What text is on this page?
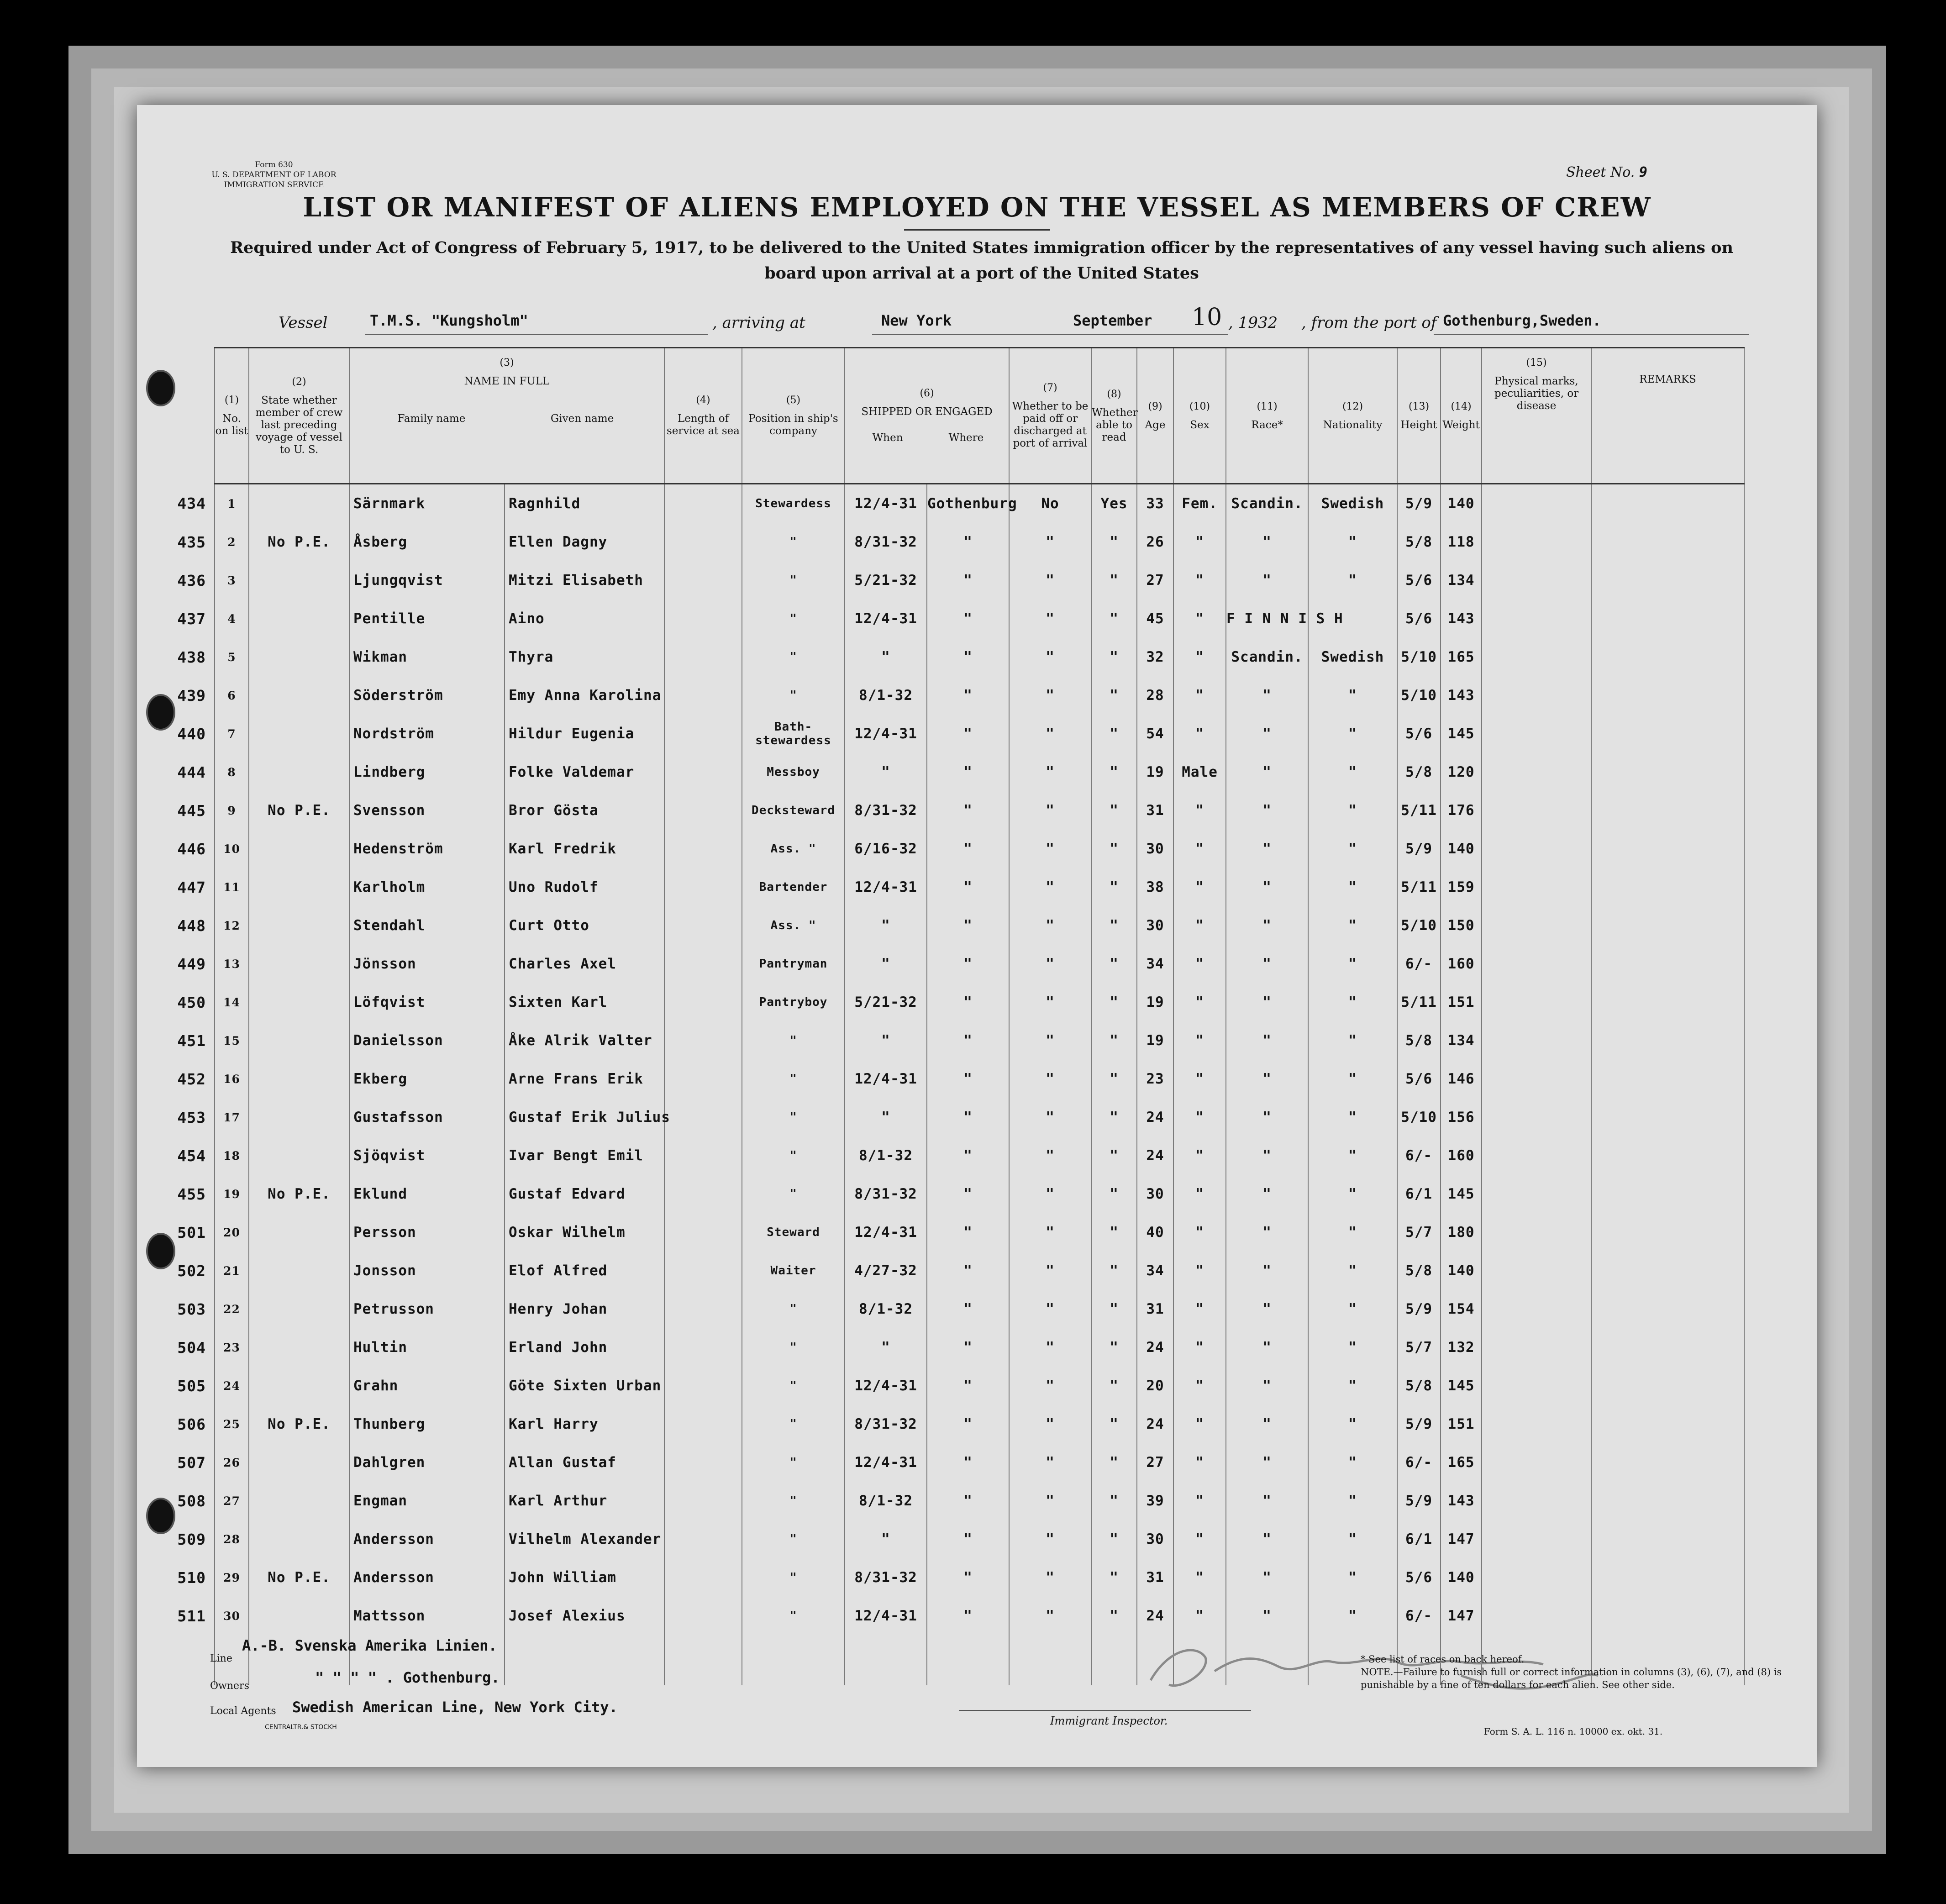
Form 630
U. S. DEPARTMENT OF LABOR
IMMIGRATION SERVICE
Sheet No. 9
LIST OR MANIFEST OF ALIENS EMPLOYED ON THE VESSEL AS MEMBERS OF CREW
Required under Act of Congress of February 5, 1917, to be delivered to the United States immigration officer by the representatives of any vessel having such aliens on board upon arrival at a port of the United States
Vessel	T.M.S. "Kungsholm"	, arriving at	New York	September 10 , 1932 , from the port of Gothenburg,Sweden.

	(1)
No. on list	(2)
State whether member of crew last preceding voyage of vessel to U. S.	(3)
NAME IN FULL
Family name Given name		(4)
Length of service at sea	(5)
Position in ship's company	(6)
SHIPPED OR ENGAGED
When Where		(7)
Whether to be paid off or discharged at port of arrival	(8)
Whether able to read	(9)
Age	(10)
Sex	(11)
Race*	(12)
Nationality	(13)
Height	(14)
Weight	(15)
Physical marks, peculiarities, or disease	REMARKS
434	1		Särnmark	Ragnhild		Stewardess	12/4-31	Gothenburg	No	Yes	33	Fem.	Scandin.	Swedish	5/9	140		
435	2	No P.E.	Åsberg	Ellen Dagny		"	8/31-32	"	"	"	26	"	"	"	5/8	118		
436	3		Ljungqvist	Mitzi Elisabeth		"	5/21-32	"	"	"	27	"	"	"	5/6	134		
437	4		Pentille	Aino		"	12/4-31	"	"	"	45	"	F I N N I S H		5/6	143		
438	5		Wikman	Thyra		"	"	"	"	"	32	"	Scandin.	Swedish	5/10	165		
439	6		Söderström	Emy Anna Karolina		"	8/1-32	"	"	"	28	"	"	"	5/10	143		
440	7		Nordström	Hildur Eugenia		Bath-stewardess	12/4-31	"	"	"	54	"	"	"	5/6	145		
444	8		Lindberg	Folke Valdemar		Messboy	"	"	"	"	19	Male	"	"	5/8	120		
445	9	No P.E.	Svensson	Bror Gösta		Decksteward	8/31-32	"	"	"	31	"	"	"	5/11	176		
446	10		Hedenström	Karl Fredrik		Ass. "	6/16-32	"	"	"	30	"	"	"	5/9	140		
447	11		Karlholm	Uno Rudolf		Bartender	12/4-31	"	"	"	38	"	"	"	5/11	159		
448	12		Stendahl	Curt Otto		Ass. "	"	"	"	"	30	"	"	"	5/10	150		
449	13		Jönsson	Charles Axel		Pantryman	"	"	"	"	34	"	"	"	6/-	160		
450	14		Löfqvist	Sixten Karl		Pantryboy	5/21-32	"	"	"	19	"	"	"	5/11	151		
451	15		Danielsson	Åke Alrik Valter		"	"	"	"	"	19	"	"	"	5/8	134		
452	16		Ekberg	Arne Frans Erik		"	12/4-31	"	"	"	23	"	"	"	5/6	146		
453	17		Gustafsson	Gustaf Erik Julius		"	"	"	"	"	24	"	"	"	5/10	156		
454	18		Sjöqvist	Ivar Bengt Emil		"	8/1-32	"	"	"	24	"	"	"	6/-	160		
455	19	No P.E.	Eklund	Gustaf Edvard		"	8/31-32	"	"	"	30	"	"	"	6/1	145		
501	20		Persson	Oskar Wilhelm		Steward	12/4-31	"	"	"	40	"	"	"	5/7	180		
502	21		Jonsson	Elof Alfred		Waiter	4/27-32	"	"	"	34	"	"	"	5/8	140		
503	22		Petrusson	Henry Johan		"	8/1-32	"	"	"	31	"	"	"	5/9	154		
504	23		Hultin	Erland John		"	"	"	"	"	24	"	"	"	5/7	132		
505	24		Grahn	Göte Sixten Urban		"	12/4-31	"	"	"	20	"	"	"	5/8	145		
506	25	No P.E.	Thunberg	Karl Harry		"	8/31-32	"	"	"	24	"	"	"	5/9	151		
507	26		Dahlgren	Allan Gustaf		"	12/4-31	"	"	"	27	"	"	"	6/-	165		
508	27		Engman	Karl Arthur		"	8/1-32	"	"	"	39	"	"	"	5/9	143		
509	28		Andersson	Vilhelm Alexander		"	"	"	"	"	30	"	"	"	6/1	147		
510	29	No P.E.	Andersson	John William		"	8/31-32	"	"	"	31	"	"	"	5/6	140		
511	30		Mattsson	Josef Alexius		"	12/4-31	"	"	"	24	"	"	"	6/-	147		

Line
A.-B. Svenska Amerika Linien.
Owners	" " " " . Gothenburg.
Local Agents Swedish American Line, New York City.
CENTRALTR.& STOCKH	Immigrant Inspector.
* See list of races on back hereof.
NOTE.—Failure to furnish full or correct information in columns (3), (6), (7), and (8) is punishable by a fine of ten dollars for each alien. See other side.
Form S. A. L. 116 n. 10000 ex. okt. 31.
